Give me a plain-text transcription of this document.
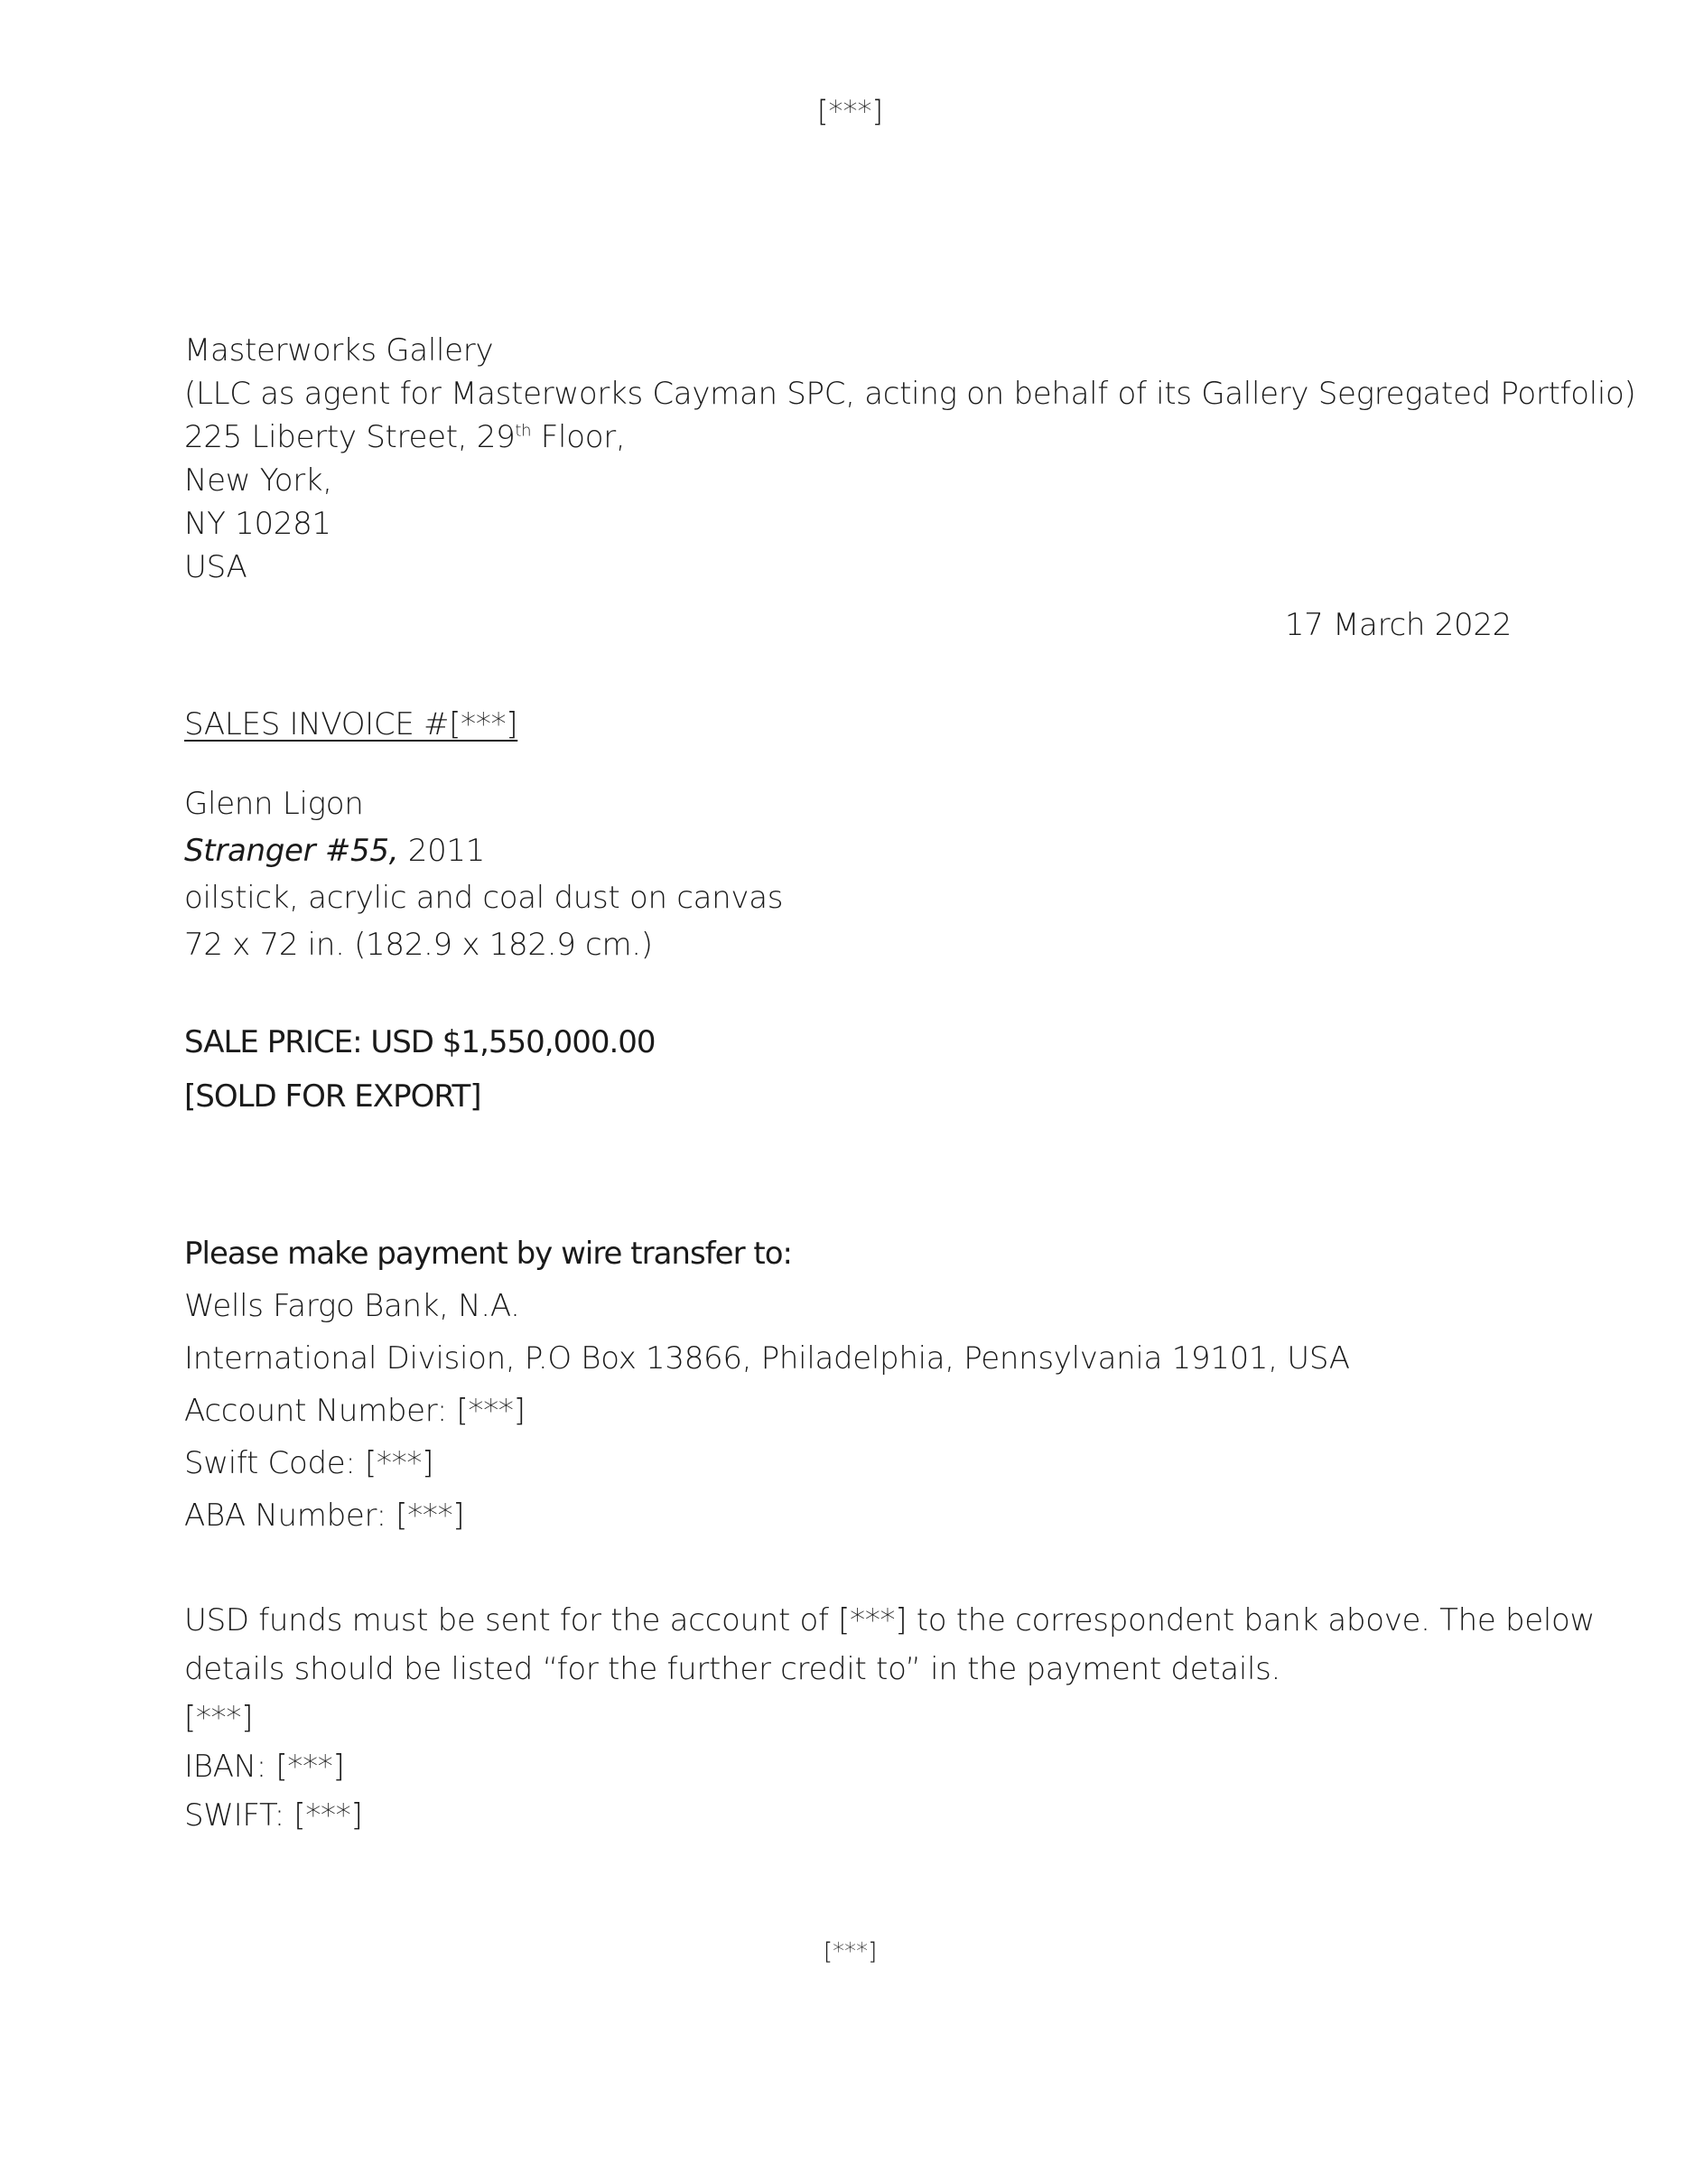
[***]
Masterworks Gallery
(LLC as agent for Masterworks Cayman SPC, acting on behalf of its Gallery Segregated Portfolio)
225 Liberty Street, 29th Floor,
New York,
NY 10281
USA
17 March 2022
SALES INVOICE #[***]
Glenn Ligon
Stranger #55, 2011
oilstick, acrylic and coal dust on canvas
72 x 72 in. (182.9 x 182.9 cm.)
SALE PRICE: USD $1,550,000.00
[SOLD FOR EXPORT]
Please make payment by wire transfer to:
Wells Fargo Bank, N.A.
International Division, P.O Box 13866, Philadelphia, Pennsylvania 19101, USA
Account Number: [***]
Swift Code: [***]
ABA Number: [***]
USD funds must be sent for the account of [***] to the correspondent bank above. The below
details should be listed “for the further credit to” in the payment details.
[***]
IBAN: [***]
SWIFT: [***]
[***]
